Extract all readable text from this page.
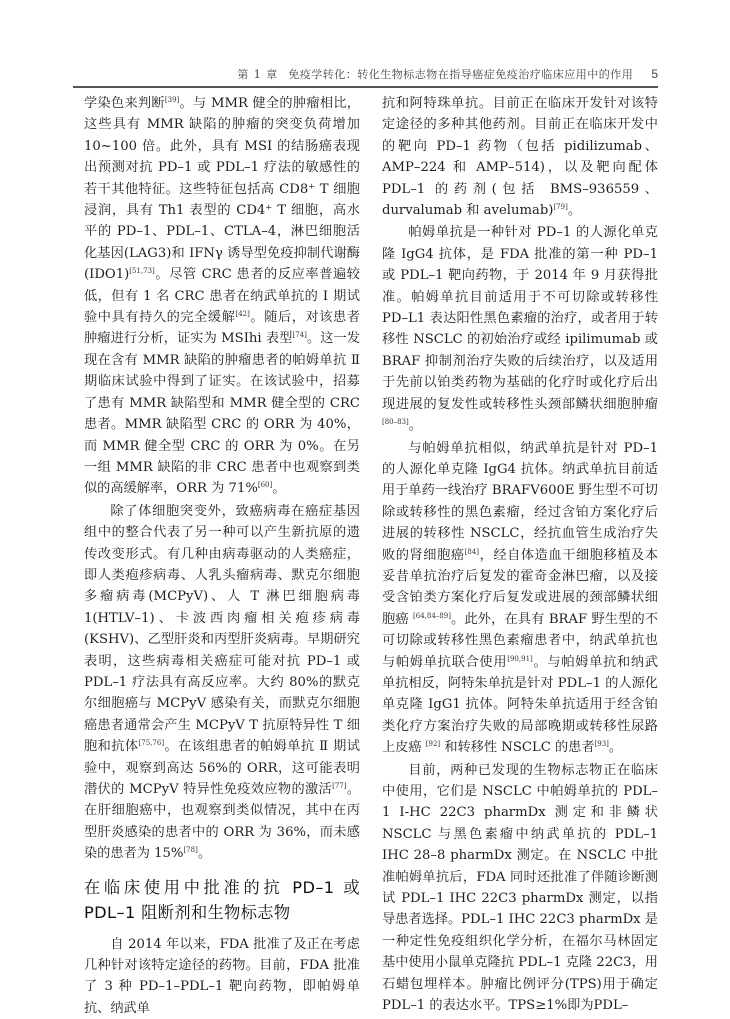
第 1 章 免疫学转化：转化生物标志物在指导癌症免疫治疗临床应用中的作用 5

学染色来判断[39]。与 MMR 健全的肿瘤相比，这些具有 MMR 缺陷的肿瘤的突变负荷增加 10~100 倍。此外，具有 MSI 的结肠癌表现出预测对抗 PD–1 或 PDL–1 疗法的敏感性的若干其他特征。这些特征包括高 CD8⁺ T 细胞浸润，具有 Th1 表型的 CD4⁺ T 细胞，高水平的 PD–1、PDL–1、CTLA–4，淋巴细胞活化基因(LAG3)和 IFNγ 诱导型免疫抑制代谢酶(IDO1)[51,73]。尽管 CRC 患者的反应率普遍较低，但有 1 名 CRC 患者在纳武单抗的 Ⅰ 期试验中具有持久的完全缓解[42]。随后，对该患者肿瘤进行分析，证实为 MSIhi 表型[74]。这一发现在含有 MMR 缺陷的肿瘤患者的帕姆单抗 Ⅱ 期临床试验中得到了证实。在该试验中，招募了患有 MMR 缺陷型和 MMR 健全型的 CRC 患者。MMR 缺陷型 CRC 的 ORR 为 40%，而 MMR 健全型 CRC 的 ORR 为 0%。在另一组 MMR 缺陷的非 CRC 患者中也观察到类似的高缓解率，ORR 为 71%[60]。

除了体细胞突变外，致癌病毒在癌症基因组中的整合代表了另一种可以产生新抗原的遗传改变形式。有几种由病毒驱动的人类癌症，即人类疱疹病毒、人乳头瘤病毒、默克尔细胞多瘤病毒(MCPyV)、人 T 淋巴细胞病毒 1(HTLV–1)、卡波西肉瘤相关疱疹病毒(KSHV)、乙型肝炎和丙型肝炎病毒。早期研究表明，这些病毒相关癌症可能对抗 PD–1 或 PDL–1 疗法具有高反应率。大约 80%的默克尔细胞癌与 MCPyV 感染有关，而默克尔细胞癌患者通常会产生 MCPyV T 抗原特异性 T 细胞和抗体[75,76]。在该组患者的帕姆单抗 Ⅱ 期试验中，观察到高达 56%的 ORR，这可能表明潜伏的 MCPyV 特异性免疫效应物的激活[77]。在肝细胞癌中，也观察到类似情况，其中在丙型肝炎感染的患者中的 ORR 为 36%，而未感染的患者为 15%[78]。

在临床使用中批准的抗 PD–1 或 PDL–1 阻断剂和生物标志物

自 2014 年以来，FDA 批准了及正在考虑几种针对该特定途径的药物。目前，FDA 批准了 3 种 PD–1–PDL–1 靶向药物，即帕姆单抗、纳武单

抗和阿特珠单抗。目前正在临床开发针对该特定途径的多种其他药剂。目前正在临床开发中的靶向 PD–1 药物（包括 pidilizumab、AMP–224 和 AMP–514)，以及靶向配体 PDL–1 的药剂(包括 BMS–936559、durvalumab 和 avelumab)[79]。

帕姆单抗是一种针对 PD–1 的人源化单克隆 IgG4 抗体，是 FDA 批准的第一种 PD–1 或 PDL–1 靶向药物，于 2014 年 9 月获得批准。帕姆单抗目前适用于不可切除或转移性 PD–L1 表达阳性黑色素瘤的治疗，或者用于转移性 NSCLC 的初始治疗或经 ipilimumab 或 BRAF 抑制剂治疗失败的后续治疗，以及适用于先前以铂类药物为基础的化疗时或化疗后出现进展的复发性或转移性头颈部鳞状细胞肿瘤[80–83]。

与帕姆单抗相似，纳武单抗是针对 PD–1 的人源化单克隆 IgG4 抗体。纳武单抗目前适用于单药一线治疗 BRAFV600E 野生型不可切除或转移性的黑色素瘤，经过含铂方案化疗后进展的转移性 NSCLC，经抗血管生成治疗失败的肾细胞癌[84]，经自体造血干细胞移植及本妥昔单抗治疗后复发的霍奇金淋巴瘤，以及接受含铂类方案化疗后复发或进展的颈部鳞状细胞癌 [64,84–89]。此外，在具有 BRAF 野生型的不可切除或转移性黑色素瘤患者中，纳武单抗也与帕姆单抗联合使用[90,91]。与帕姆单抗和纳武单抗相反，阿特朱单抗是针对 PDL–1 的人源化单克隆 IgG1 抗体。阿特朱单抗适用于经含铂类化疗方案治疗失败的局部晚期或转移性尿路上皮癌 [92] 和转移性 NSCLC 的患者[93]。

目前，两种已发现的生物标志物正在临床中使用，它们是 NSCLC 中帕姆单抗的 PDL–1 I-HC 22C3 pharmDx 测定和非鳞状 NSCLC 与黑色素瘤中纳武单抗的 PDL–1 IHC 28–8 pharmDx 测定。在 NSCLC 中批准帕姆单抗后，FDA 同时还批准了伴随诊断测试 PDL–1 IHC 22C3 pharmDx 测定，以指导患者选择。PDL–1 IHC 22C3 pharmDx 是一种定性免疫组织化学分析，在福尔马林固定基中使用小鼠单克隆抗 PDL–1 克隆 22C3，用石蜡包埋样本。肿瘤比例评分(TPS)用于确定 PDL–1 的表达水平。TPS≥1%即为PDL–
